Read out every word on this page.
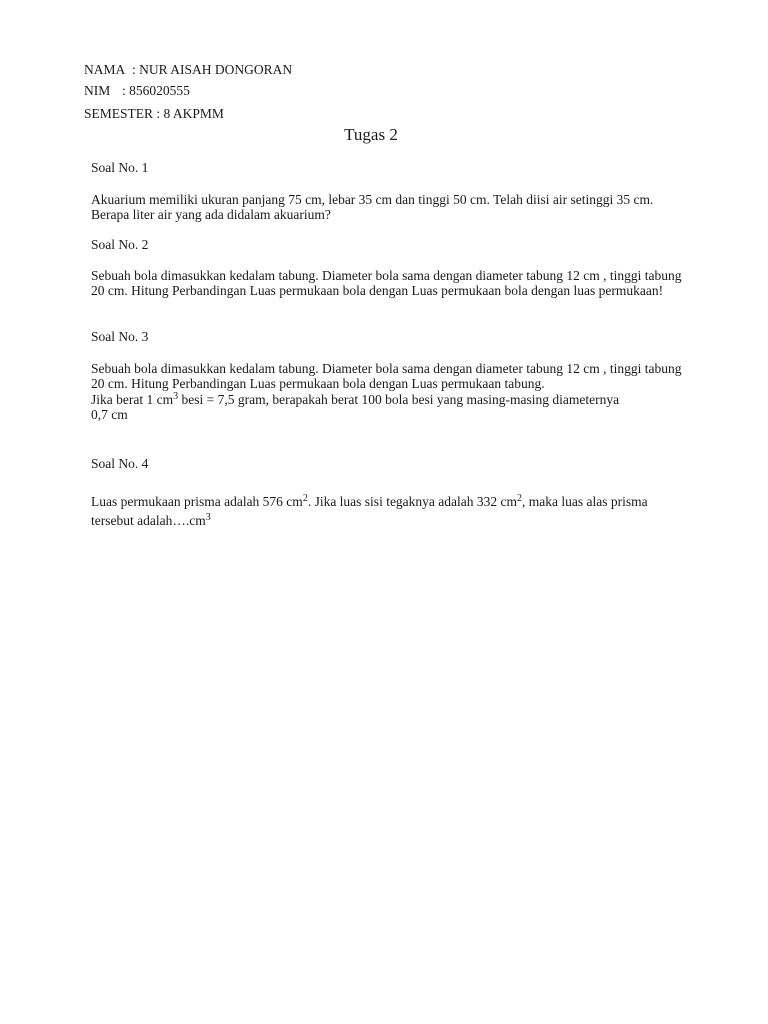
NAMA : NUR AISAH DONGORAN
NIM : 856020555
SEMESTER : 8 AKPMM
Tugas 2
Soal No. 1

Akuarium memiliki ukuran panjang 75 cm, lebar 35 cm dan tinggi 50 cm. Telah diisi air setinggi 35 cm. Berapa liter air yang ada didalam akuarium?

Soal No. 2

Sebuah bola dimasukkan kedalam tabung. Diameter bola sama dengan diameter tabung 12 cm , tinggi tabung 20 cm. Hitung Perbandingan Luas permukaan bola dengan Luas permukaan bola dengan luas permukaan!

Soal No. 3

Sebuah bola dimasukkan kedalam tabung. Diameter bola sama dengan diameter tabung 12 cm , tinggi tabung 20 cm. Hitung Perbandingan Luas permukaan bola dengan Luas permukaan tabung.

Jika berat 1 $cm^3$ besi = 7,5 gram, berapakah berat 100 bola besi yang masing-masing diameternya 0,7 cm

Soal No. 4

Luas permukaan prisma adalah 576 $cm^2$. Jika luas sisi tegaknya adalah 332 $cm^2$, maka luas alas prisma tersebut $adalah\dots.cm^3$
